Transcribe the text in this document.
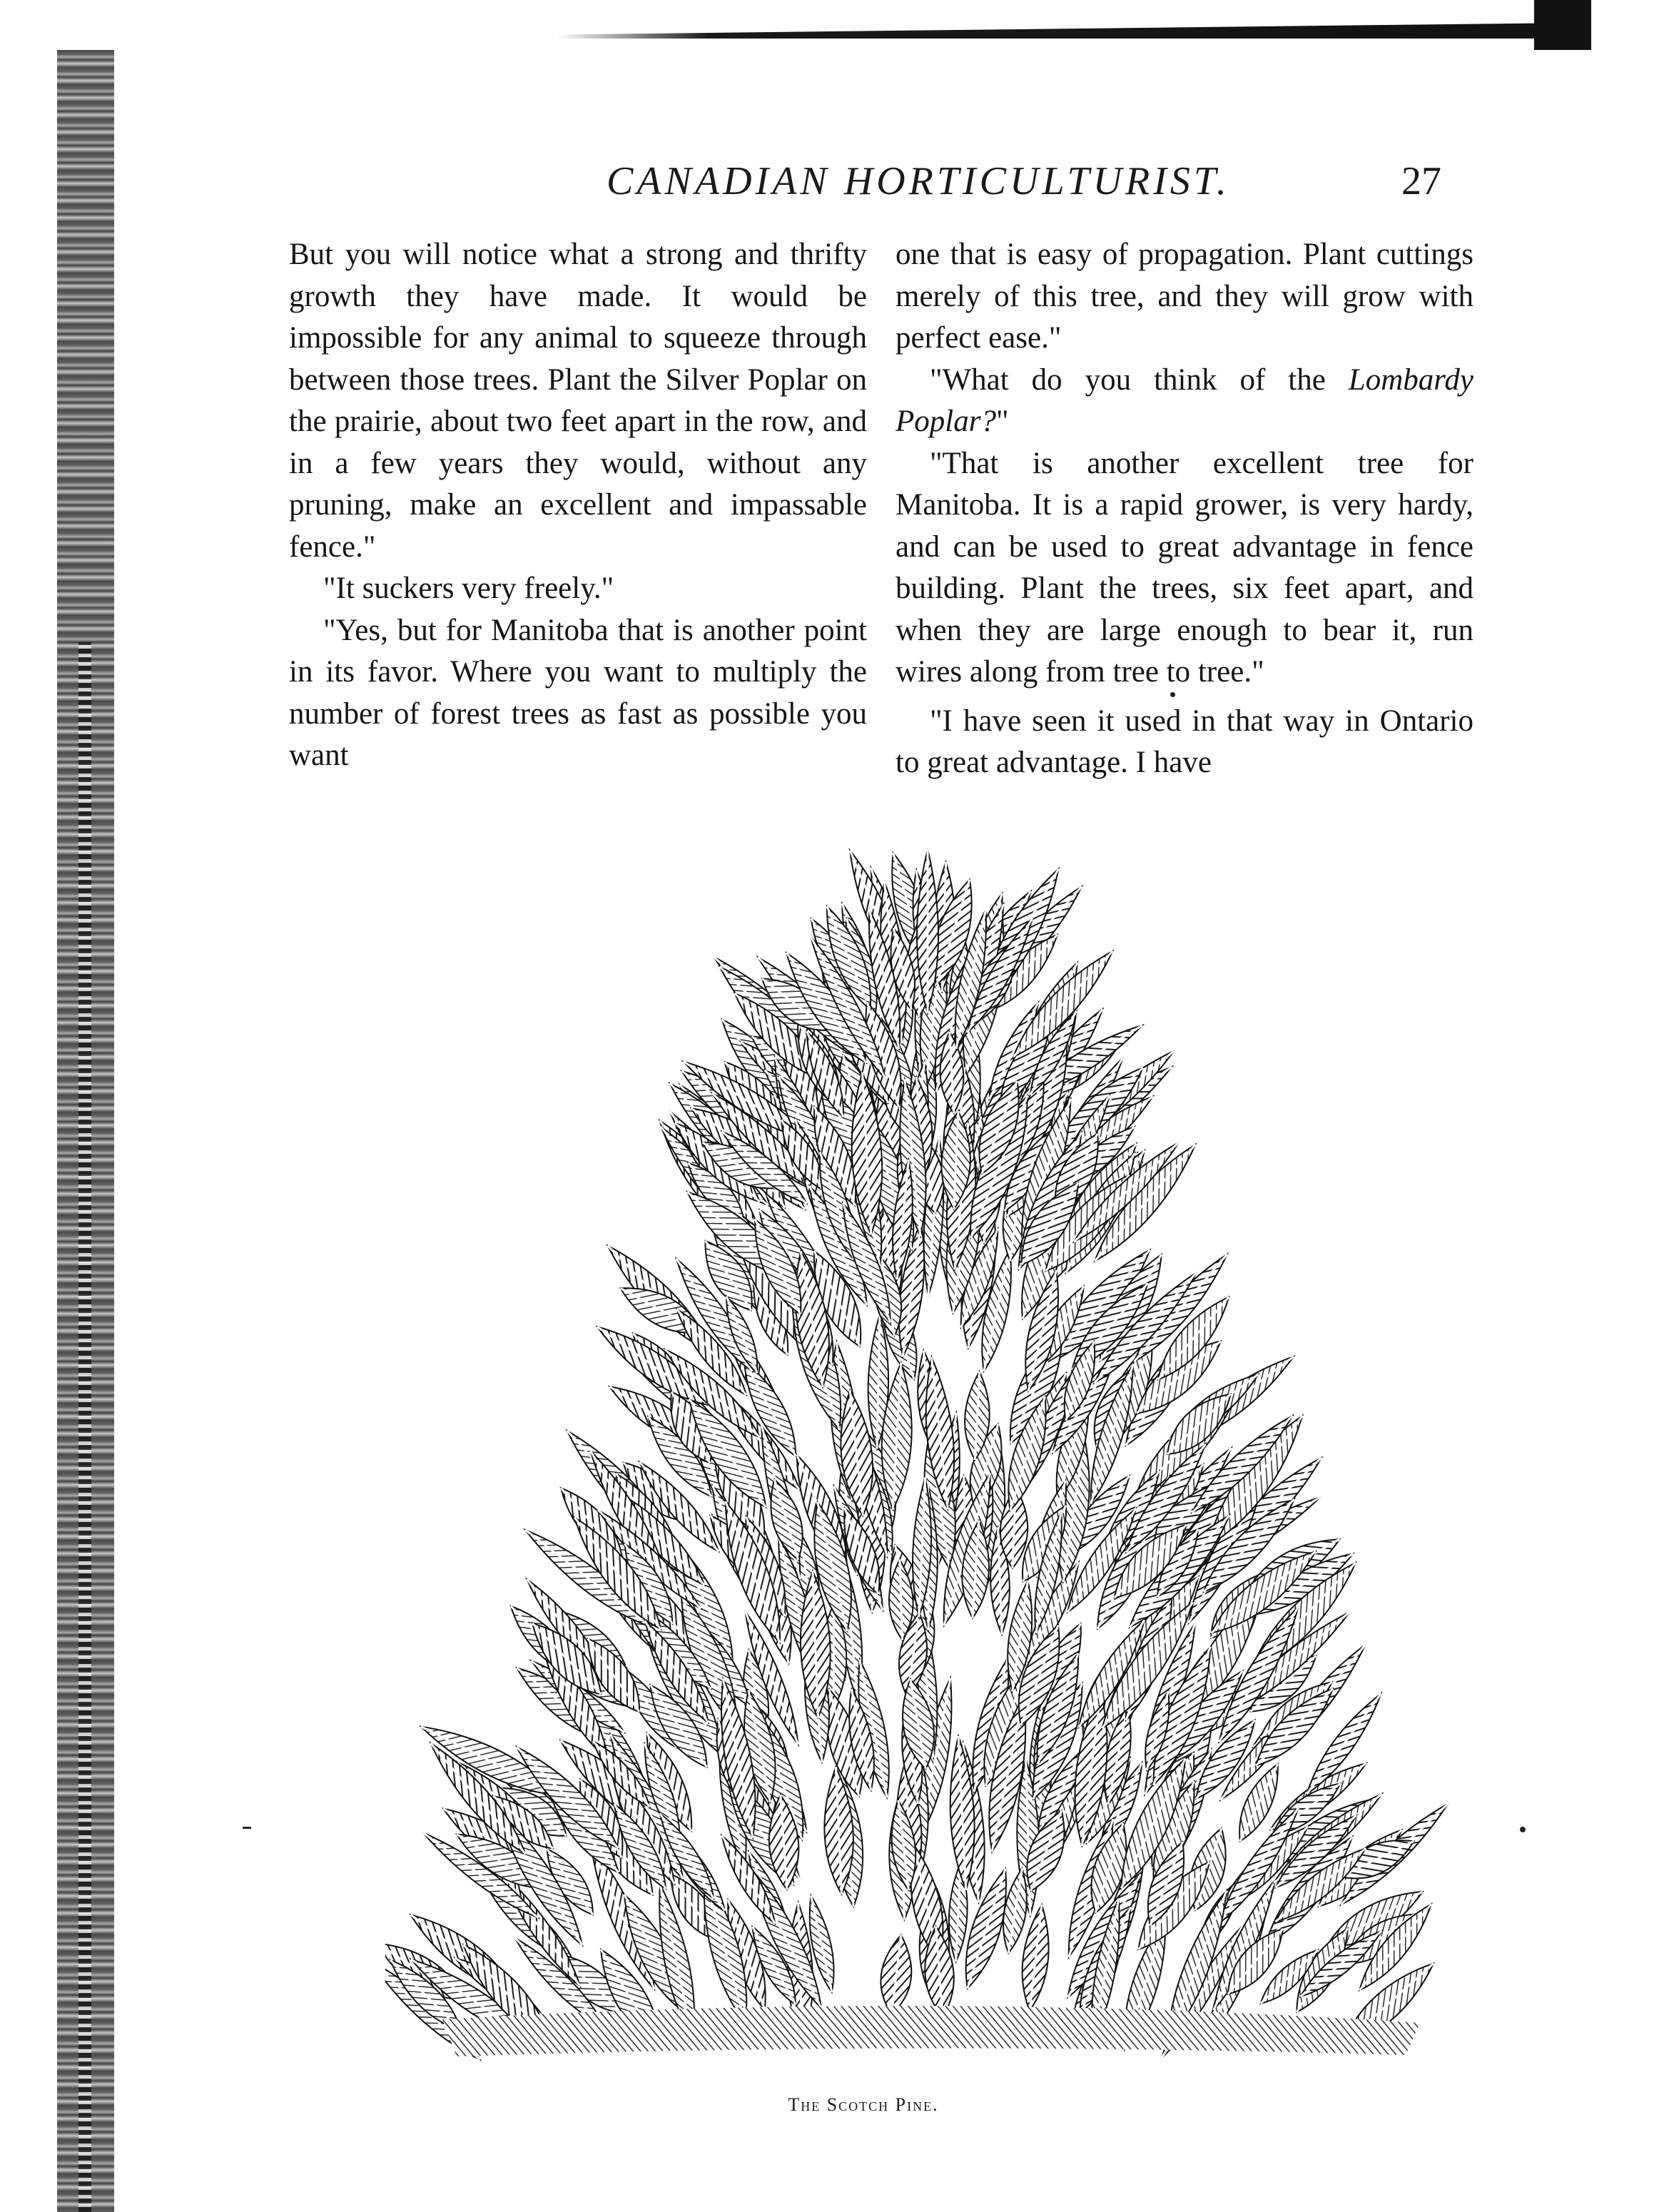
CANADIAN HORTICULTURIST.	27

But you will notice what a strong and thrifty growth they have made. It would be impossible for any animal to squeeze through between those trees. Plant the Silver Poplar on the prairie, about two feet apart in the row, and in a few years they would, without any pruning, make an excellent and impassable fence."

"It suckers very freely."

"Yes, but for Manitoba that is another point in its favor. Where you want to multiply the number of forest trees as fast as possible you want

one that is easy of propagation. Plant cuttings merely of this tree, and they will grow with perfect ease."

"What do you think of the Lombardy Poplar?"

"That is another excellent tree for Manitoba. It is a rapid grower, is very hardy, and can be used to great advantage in fence building. Plant the trees, six feet apart, and when they are large enough to bear it, run wires along from tree to tree."

"I have seen it used in that way in Ontario to great advantage. I have

The Scotch Pine.
